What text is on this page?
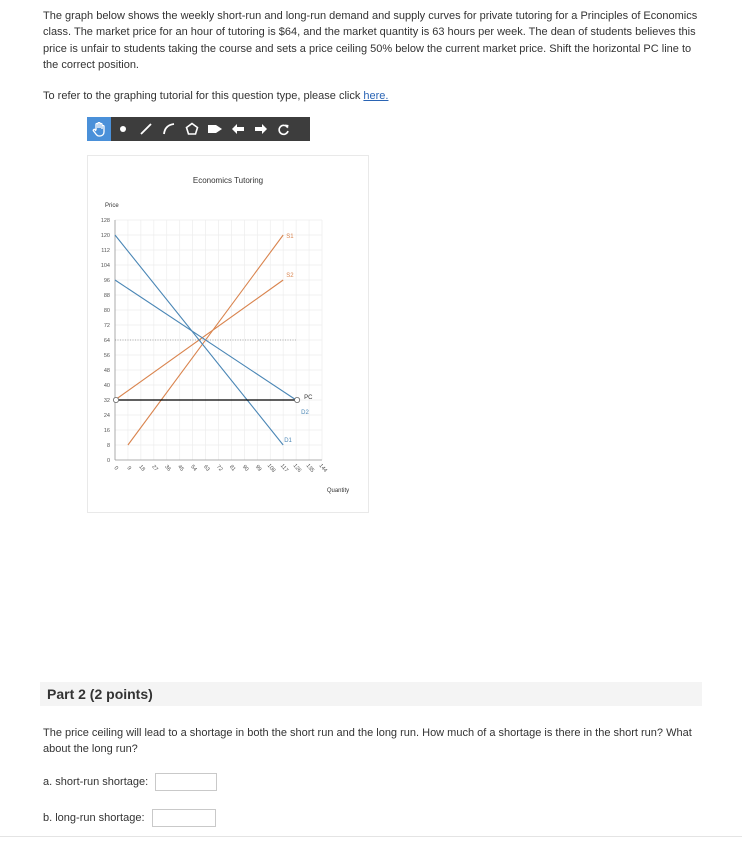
The graph below shows the weekly short-run and long-run demand and supply curves for private tutoring for a Principles of Economics class. The market price for an hour of tutoring is $64, and the market quantity is 63 hours per week. The dean of students believes this price is unfair to students taking the course and sets a price ceiling 50% below the current market price. Shift the horizontal PC line to the correct position.
To refer to the graphing tutorial for this question type, please click here.
Economics Tutoring
Price
Quantity
0
8
16
24
32
40
48
56
64
72
80
88
96
104
112
120
128
0 9 18 27 36 45 54 63 72 81 90 99 108 117 126 135 144
S1
S2
D1
D2
PC
Part 2 (2 points)
The price ceiling will lead to a shortage in both the short run and the long run. How much of a shortage is there in the short run? What about the long run?
a. short-run shortage:
b. long-run shortage:
